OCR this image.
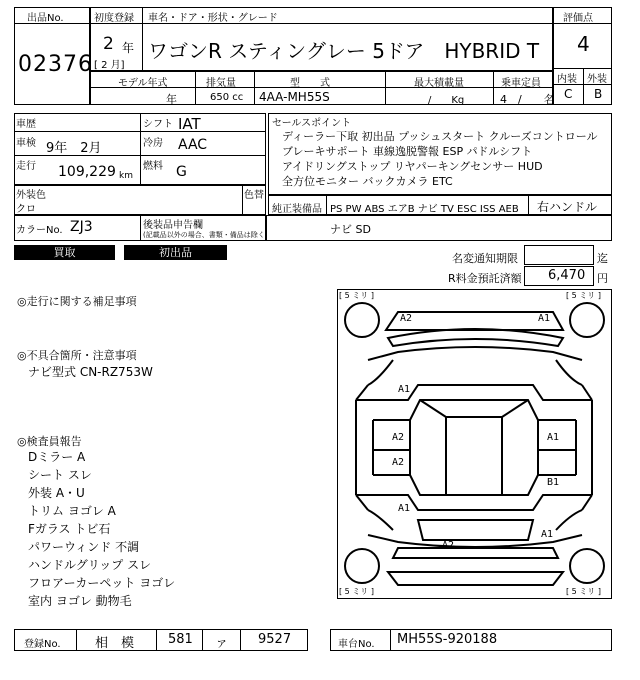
出品No.
02376
初度登録 車名・ドア・形状・グレード
2 年
[ 2 月]
ワゴンR スティングレー 5ドア　HYBRID T
評価点
4
内装 外装
C B
モデル年式	排気量	型　　式	最大積載量	乗車定員
年	650 cc 4AA-MH55S	/　　Kg	4　/　　名
車歴	シフト IAT
車検 9年　2月	冷房 AAC
走行 109,229 km
燃料 G
外装色
クロ
色替
カラーNo. ZJ3	後装品申告欄
(記載品以外の場合、書類・備品は除く)
セールスポイント
ディーラー下取 初出品 プッシュスタート クルーズコントロール
ブレーキサポート 車線逸脱警報 ESP パドルシフト
アイドリングストップ リヤパーキングセンサー HUD
全方位モニター バックカメラ ETC
純正装備品 PS PW ABS エアB ナビ TV ESC ISS AEB 右ハンドル
ナビ SD
買取	初出品	名変通知期限	迄
R料金預託済額 6,470 円
◎走行に関する補足事項
◎不具合箇所・注意事項
ナビ型式 CN-RZ753W
◎検査員報告
Dミラー A
シート スレ
外装 A・U
トリム ヨゴレ A
Fガラス トビ石
パワーウィンド 不調
ハンドルグリップ スレ
フロアーカーペット ヨゴレ
室内 ヨゴレ 動物毛
[ 5 ミリ ]	[ 5 ミリ ]
[ 5 ミリ ]	[ 5 ミリ ]
A2	A1
A1
A2
A2
A1
A1
B1
A1
A2
登録No.	相　模	581 ァ 9527	車台No. MH55S-920188
